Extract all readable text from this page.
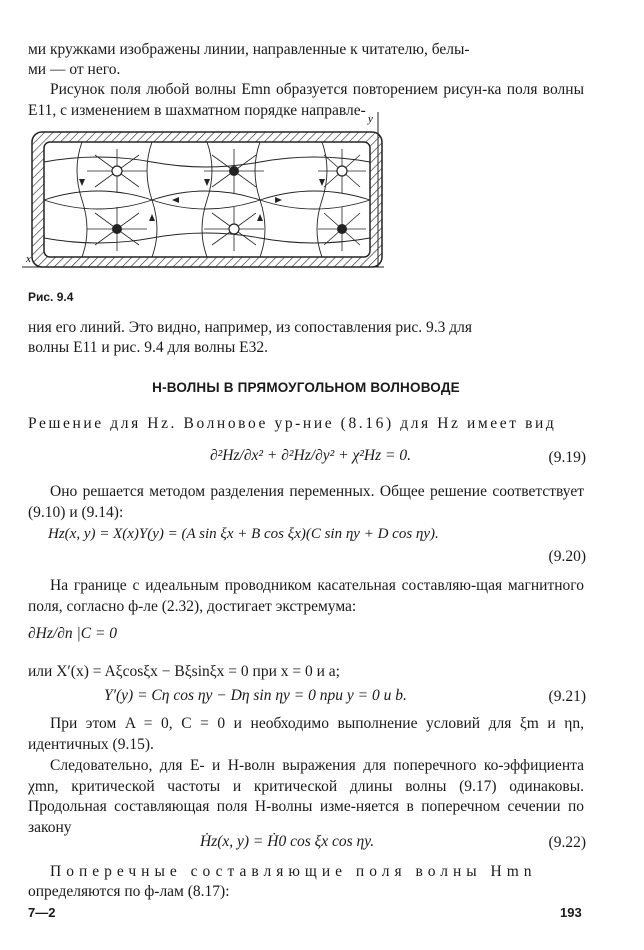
ми кружками изображены линии, направленные к читателю, белы-
ми — от него.
Рисунок поля любой волны Emn образуется повторением рисун-ка поля волны E11, с изменением в шахматном порядке направле-
y
x
Рис. 9.4
ния его линий. Это видно, например, из сопоставления рис. 9.3 для
волны E11 и рис. 9.4 для волны E32.
H-ВОЛНЫ В ПРЯМОУГОЛЬНОМ ВОЛНОВОДЕ
Решение для Hz. Волновое ур-ние (8.16) для Hz имеет вид
∂²Hz/∂x² + ∂²Hz/∂y² + χ²Hz = 0.	(9.19)
Оно решается методом разделения переменных. Общее решение соответствует (9.10) и (9.14):
Hz(x, y) = X(x)Y(y) = (A sin ξx + B cos ξx)(C sin ηy + D cos ηy).
(9.20)
На границе с идеальным проводником касательная составляю-щая магнитного поля, согласно ф-ле (2.32), достигает экстремума:
∂Hz/∂n |C = 0
или X′(x) = Aξcosξx − Bξsinξx = 0 при x = 0 и a;
Y′(y) = Cη cos ηy − Dη sin ηy = 0 при y = 0 и b.	(9.21)
При этом A = 0, C = 0 и необходимо выполнение условий для ξm и ηn, идентичных (9.15).
Следовательно, для E- и H-волн выражения для поперечного ко-эффициента χmn, критической частоты и критической длины волны (9.17) одинаковы. Продольная составляющая поля H-волны изме-няется в поперечном сечении по закону
Ḣz(x, y) = Ḣ0 cos ξx cos ηy.	(9.22)
Поперечные составляющие поля волны Hmn
определяются по ф-лам (8.17):
7—2	193
